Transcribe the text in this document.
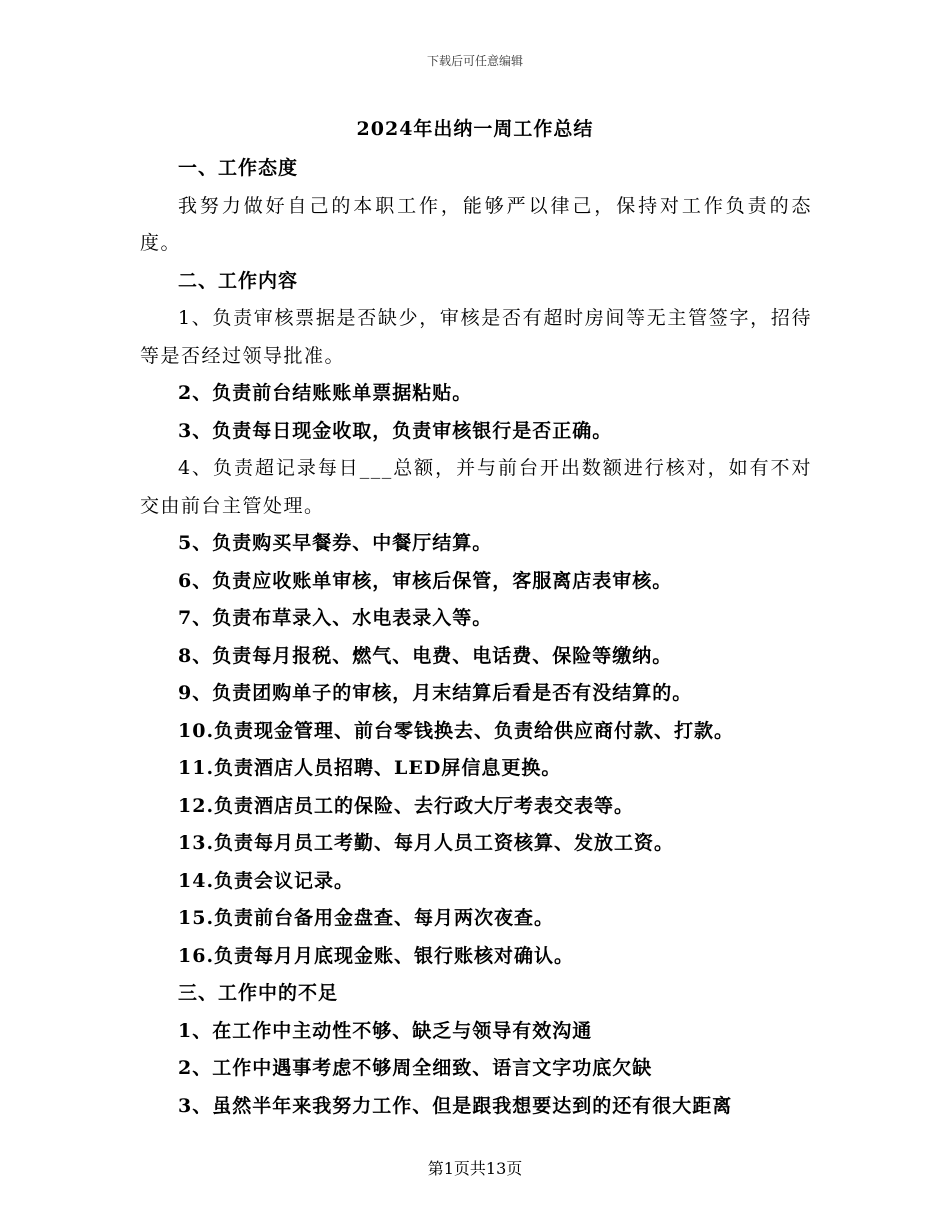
下载后可任意编辑
2024年出纳一周工作总结

一、工作态度

我努力做好自己的本职工作，能够严以律己，保持对工作负责的态度。

二、工作内容

1、负责审核票据是否缺少，审核是否有超时房间等无主管签字，招待等是否经过领导批准。

2、负责前台结账账单票据粘贴。

3、负责每日现金收取，负责审核银行是否正确。

4、负责超记录每日___总额，并与前台开出数额进行核对，如有不对交由前台主管处理。

5、负责购买早餐券、中餐厅结算。

6、负责应收账单审核，审核后保管，客服离店表审核。

7、负责布草录入、水电表录入等。

8、负责每月报税、燃气、电费、电话费、保险等缴纳。

9、负责团购单子的审核，月末结算后看是否有没结算的。

10.负责现金管理、前台零钱换去、负责给供应商付款、打款。

11.负责酒店人员招聘、LED屏信息更换。

12.负责酒店员工的保险、去行政大厅考表交表等。

13.负责每月员工考勤、每月人员工资核算、发放工资。

14.负责会议记录。

15.负责前台备用金盘查、每月两次夜查。

16.负责每月月底现金账、银行账核对确认。

三、工作中的不足

1、在工作中主动性不够、缺乏与领导有效沟通

2、工作中遇事考虑不够周全细致、语言文字功底欠缺

3、虽然半年来我努力工作、但是跟我想要达到的还有很大距离

第1页共13页
